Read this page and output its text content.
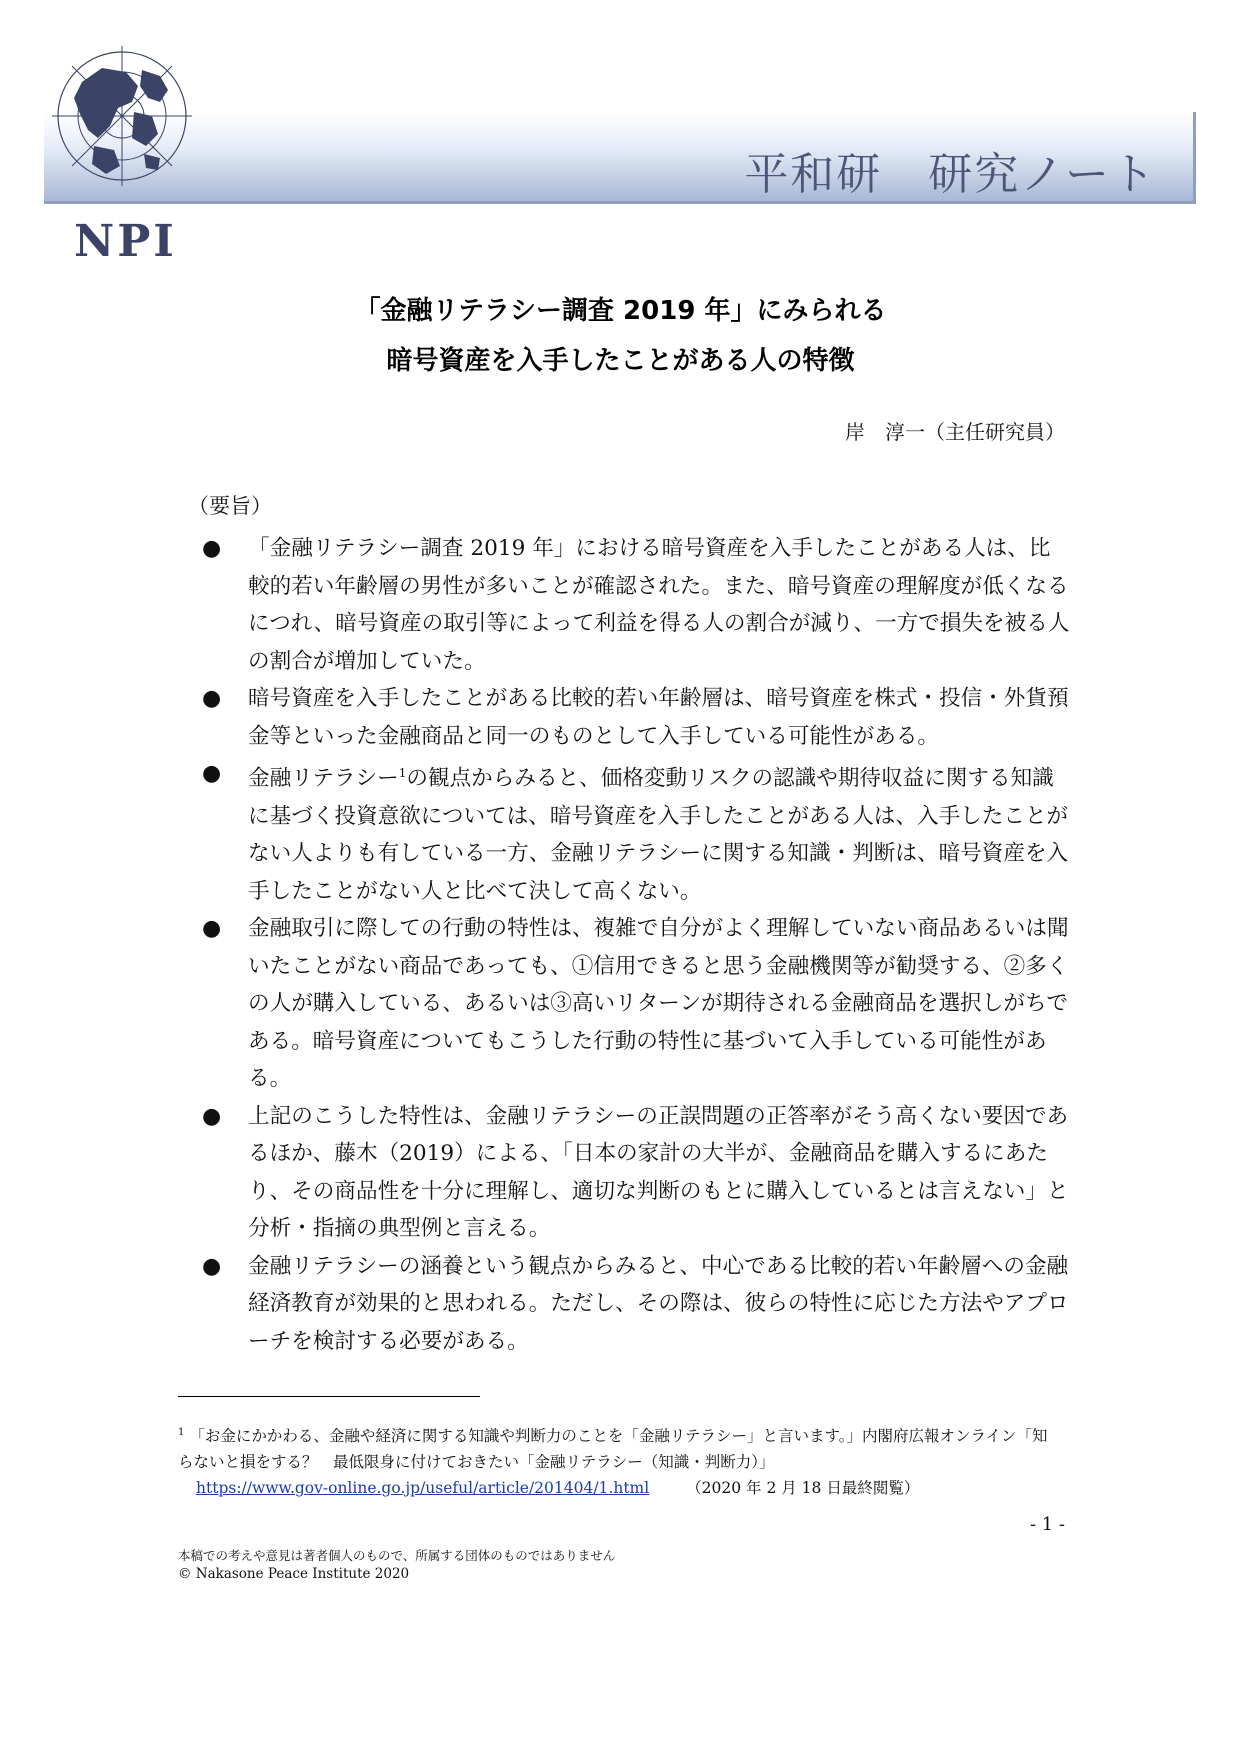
平和研　研究ノート
NPI
「金融リテラシー調査 2019 年」にみられる
暗号資産を入手したことがある人の特徴
岸　淳一（主任研究員）
（要旨）
● 「金融リテラシー調査 2019 年」における暗号資産を入手したことがある人は、比較的若い年齢層の男性が多いことが確認された。また、暗号資産の理解度が低くなるにつれ、暗号資産の取引等によって利益を得る人の割合が減り、一方で損失を被る人の割合が増加していた。
● 暗号資産を入手したことがある比較的若い年齢層は、暗号資産を株式・投信・外貨預金等といった金融商品と同一のものとして入手している可能性がある。
● 金融リテラシー$^1$の観点からみると、価格変動リスクの認識や期待収益に関する知識に基づく投資意欲については、暗号資産を入手したことがある人は、入手したことがない人よりも有している一方、金融リテラシーに関する知識・判断は、暗号資産を入手したことがない人と比べて決して高くない。
● 金融取引に際しての行動の特性は、複雑で自分がよく理解していない商品あるいは聞いたことがない商品であっても、①信用できると思う金融機関等が勧奨する、②多くの人が購入している、あるいは③高いリターンが期待される金融商品を選択しがちである。暗号資産についてもこうした行動の特性に基づいて入手している可能性がある。
● 上記のこうした特性は、金融リテラシーの正誤問題の正答率がそう高くない要因であるほか、藤木（2019）による、「日本の家計の大半が、金融商品を購入するにあたり、その商品性を十分に理解し、適切な判断のもとに購入しているとは言えない」と分析・指摘の典型例と言える。
● 金融リテラシーの涵養という観点からみると、中心である比較的若い年齢層への金融経済教育が効果的と思われる。ただし、その際は、彼らの特性に応じた方法やアプローチを検討する必要がある。
$^1$ 「お金にかかわる、金融や経済に関する知識や判断力のことを「金融リテラシー」と言います。」内閣府広報オンライン「知らないと損をする？　最低限身に付けておきたい「金融リテラシー（知識・判断力）」
https://www.gov-online.go.jp/useful/article/201404/1.html （2020 年 2 月 18 日最終閲覧）
- 1 -
本稿での考えや意見は著者個人のもので、所属する団体のものではありません
© Nakasone Peace Institute 2020
